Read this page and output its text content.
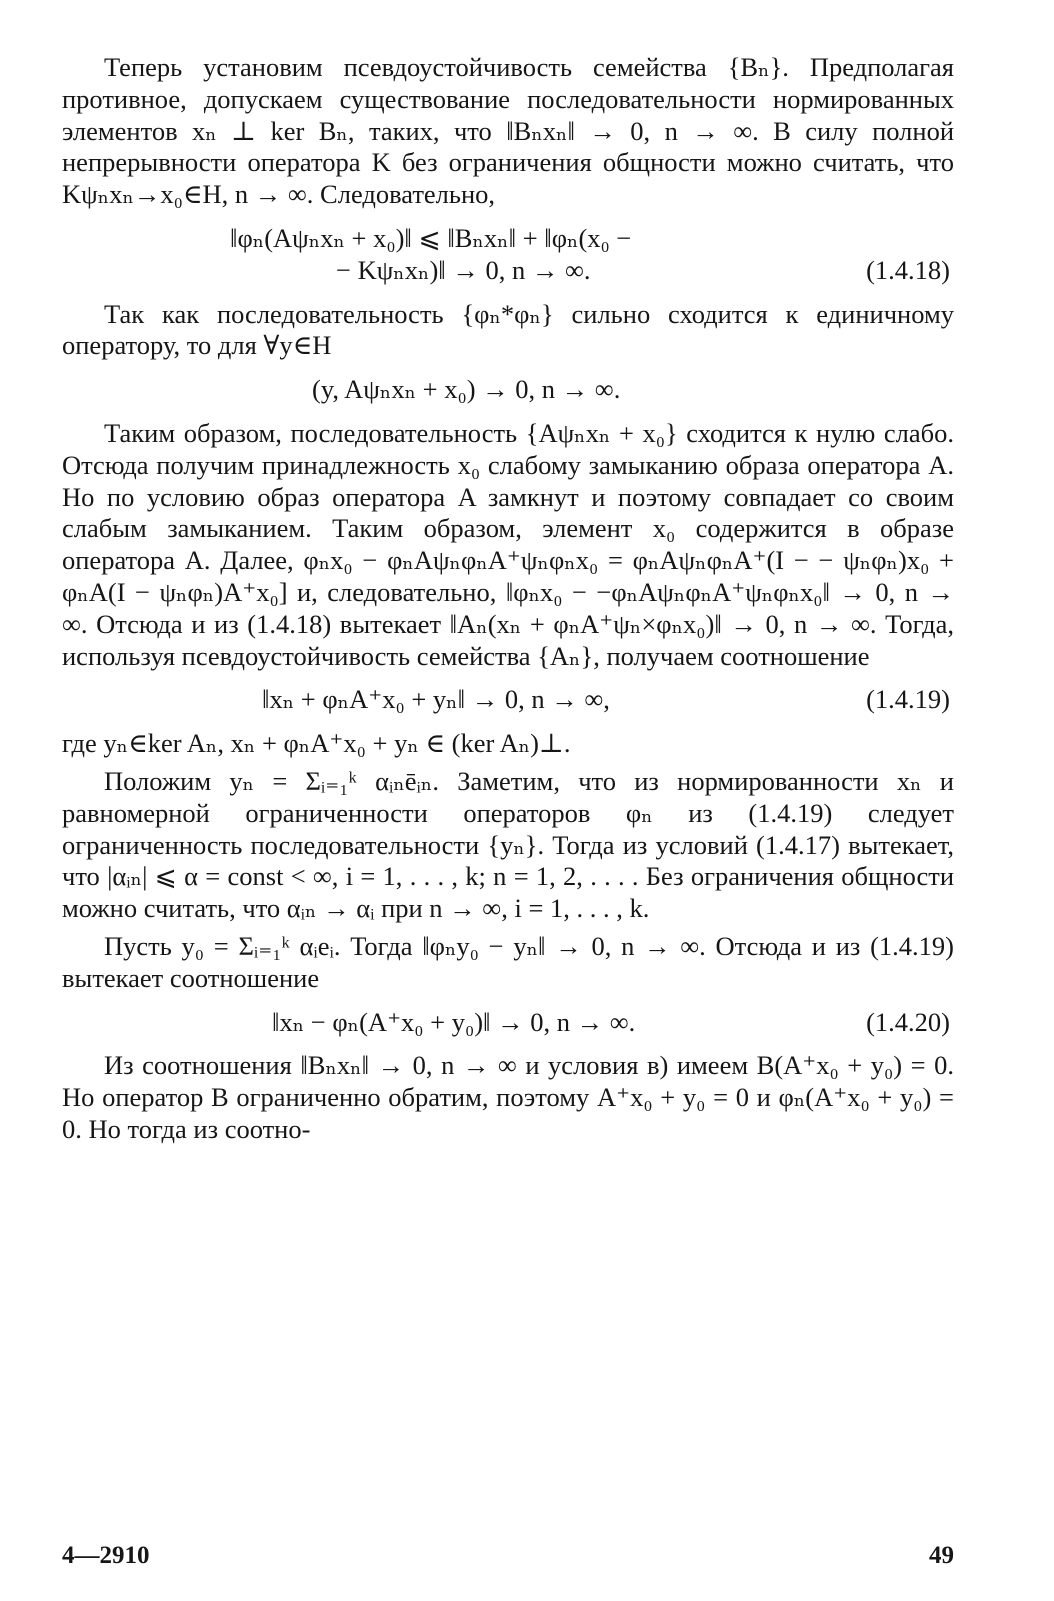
Теперь установим псевдоустойчивость семейства {Bₙ}. Предполагая противное, допускаем существование последовательности нормированных элементов xₙ ⊥ ker Bₙ, таких, что ‖Bₙxₙ‖ → 0, n → ∞. В силу полной непрерывности оператора K без ограничения общности можно считать, что Kψₙxₙ→x₀∈H, n → ∞. Следовательно,

‖φₙ(Aψₙxₙ + x₀)‖ ⩽ ‖Bₙxₙ‖ + ‖φₙ(x₀ −
− Kψₙxₙ)‖ → 0, n → ∞.	(1.4.18)

Так как последовательность {φₙ*φₙ} сильно сходится к единичному оператору, то для ∀y∈H

(y, Aψₙxₙ + x₀) → 0, n → ∞.

Таким образом, последовательность {Aψₙxₙ + x₀} сходится к нулю слабо. Отсюда получим принадлежность x₀ слабому замыканию образа оператора A. Но по условию образ оператора A замкнут и поэтому совпадает со своим слабым замыканием. Таким образом, элемент x₀ содержится в образе оператора A. Далее, φₙx₀ − φₙAψₙφₙA⁺ψₙφₙx₀ = φₙAψₙφₙA⁺(I − − ψₙφₙ)x₀ + φₙA(I − ψₙφₙ)A⁺x₀] и, следовательно, ‖φₙx₀ − −φₙAψₙφₙA⁺ψₙφₙx₀‖ → 0, n → ∞. Отсюда и из (1.4.18) вытекает ‖Aₙ(xₙ + φₙA⁺ψₙ×φₙx₀)‖ → 0, n → ∞. Тогда, используя псевдоустойчивость семейства {Aₙ}, получаем соотношение

‖xₙ + φₙA⁺x₀ + yₙ‖ → 0, n → ∞,	(1.4.19)

где yₙ∈ker Aₙ, xₙ + φₙA⁺x₀ + yₙ ∈ (ker Aₙ)⊥.

Положим yₙ = Σᵢ₌₁ᵏ αᵢₙēᵢₙ. Заметим, что из нормированности xₙ и равномерной ограниченности операторов φₙ из (1.4.19) следует ограниченность последовательности {yₙ}. Тогда из условий (1.4.17) вытекает, что |αᵢₙ| ⩽ α = const < ∞, i = 1, . . . , k; n = 1, 2, . . . . Без ограничения общности можно считать, что αᵢₙ → αᵢ при n → ∞, i = 1, . . . , k.

Пусть y₀ = Σᵢ₌₁ᵏ αᵢeᵢ. Тогда ‖φₙy₀ − yₙ‖ → 0, n → ∞. Отсюда и из (1.4.19) вытекает соотношение

‖xₙ − φₙ(A⁺x₀ + y₀)‖ → 0, n → ∞.	(1.4.20)

Из соотношения ‖Bₙxₙ‖ → 0, n → ∞ и условия в) имеем B(A⁺x₀ + y₀) = 0. Но оператор B ограниченно обратим, поэтому A⁺x₀ + y₀ = 0 и φₙ(A⁺x₀ + y₀) = 0. Но тогда из соотно-

4—2910	49
